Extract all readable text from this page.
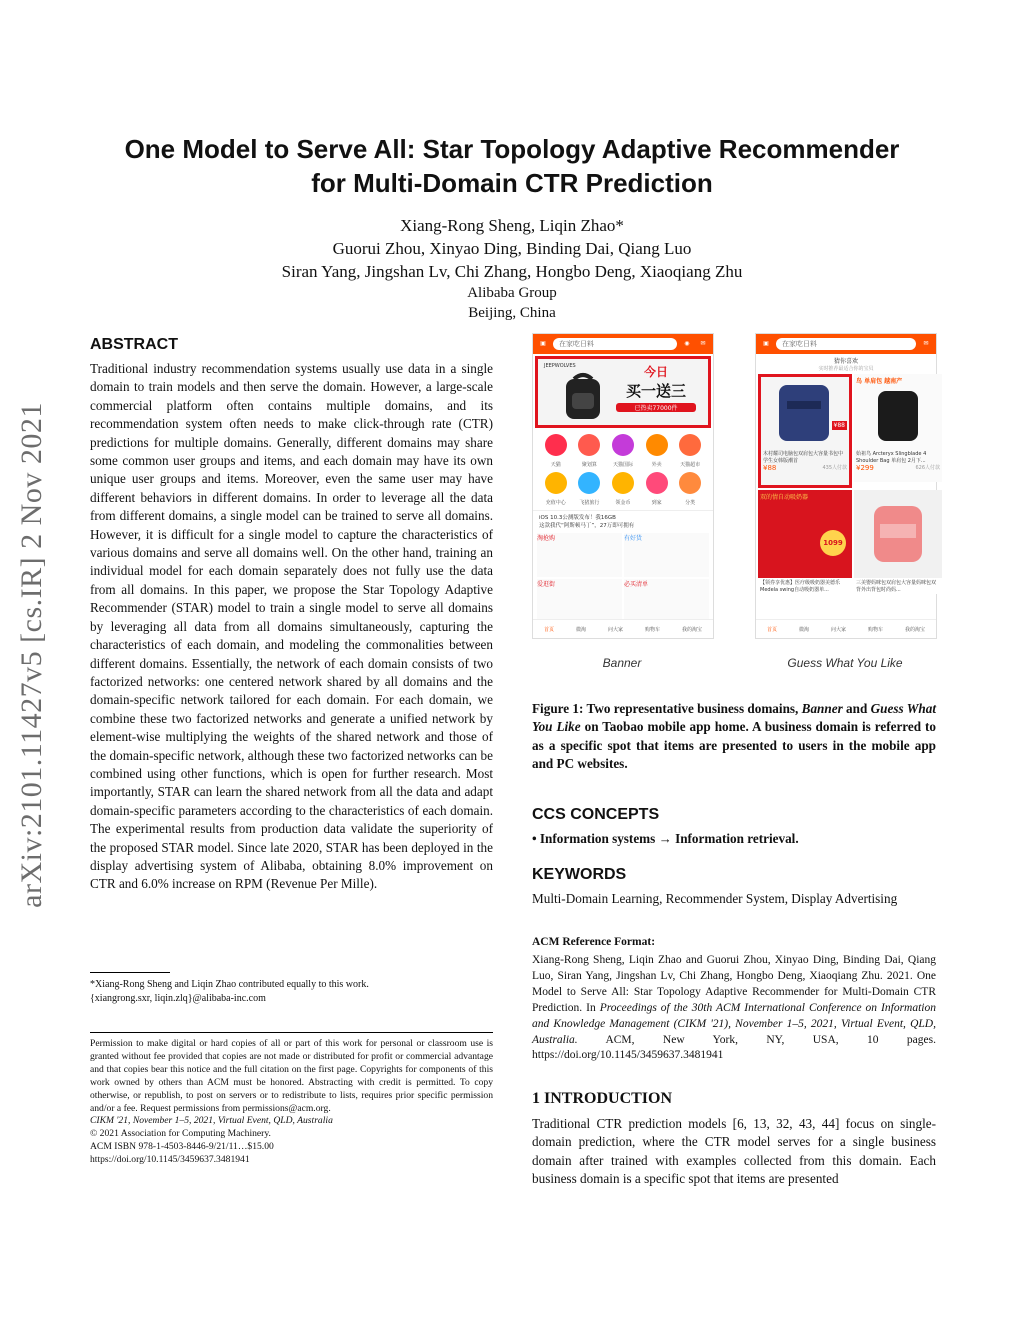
arXiv:2101.11427v5 [cs.IR] 2 Nov 2021
One Model to Serve All: Star Topology Adaptive Recommender
for Multi-Domain CTR Prediction
Xiang-Rong Sheng, Liqin Zhao*
Guorui Zhou, Xinyao Ding, Binding Dai, Qiang Luo
Siran Yang, Jingshan Lv, Chi Zhang, Hongbo Deng, Xiaoqiang Zhu
Alibaba Group
Beijing, China
ABSTRACT
Traditional industry recommendation systems usually use data in a single domain to train models and then serve the domain. However, a large-scale commercial platform often contains multiple domains, and its recommendation system often needs to make click-through rate (CTR) predictions for multiple domains. Generally, different domains may share some common user groups and items, and each domain may have its own unique user groups and items. Moreover, even the same user may have different behaviors in different domains. In order to leverage all the data from different domains, a single model can be trained to serve all domains. However, it is difficult for a single model to capture the characteristics of various domains and serve all domains well. On the other hand, training an individual model for each domain separately does not fully use the data from all domains. In this paper, we propose the Star Topology Adaptive Recommender (STAR) model to train a single model to serve all domains by leveraging all data from all domains simultaneously, capturing the characteristics of each domain, and modeling the commonalities between different domains. Essentially, the network of each domain consists of two factorized networks: one centered network shared by all domains and the domain-specific network tailored for each domain. For each domain, we combine these two factorized networks and generate a unified network by element-wise multiplying the weights of the shared network and those of the domain-specific network, although these two factorized networks can be combined using other functions, which is open for further research. Most importantly, STAR can learn the shared network from all the data and adapt domain-specific parameters according to the characteristics of each domain. The experimental results from production data validate the superiority of the proposed STAR model. Since late 2020, STAR has been deployed in the display advertising system of Alibaba, obtaining 8.0% improvement on CTR and 6.0% increase on RPM (Revenue Per Mille).
*Xiang-Rong Sheng and Liqin Zhao contributed equally to this work.
{xiangrong.sxr, liqin.zlq}@alibaba-inc.com
Permission to make digital or hard copies of all or part of this work for personal or classroom use is granted without fee provided that copies are not made or distributed for profit or commercial advantage and that copies bear this notice and the full citation on the first page. Copyrights for components of this work owned by others than ACM must be honored. Abstracting with credit is permitted. To copy otherwise, or republish, to post on servers or to redistribute to lists, requires prior specific permission and/or a fee. Request permissions from permissions@acm.org.
CIKM '21, November 1–5, 2021, Virtual Event, QLD, Australia
© 2021 Association for Computing Machinery.
ACM ISBN 978-1-4503-8446-9/21/11…$15.00
https://doi.org/10.1145/3459637.3481941
▣	在家吃日料	◉	✉
JEEPWOLVES	今日
买一送三
已热卖77000件
天猫	聚划算	天猫国际	外卖	天猫超市
充值中心	飞猪旅行	领金币	到家	分类
iOS 10.3公测版发布！我16GB
这款我代“阿斯顿马丁”，27万即可拥有
淘抢购	有好货
爱逛街	必买清单
首页	微淘	问大家	购物车	我的淘宝
▣	在家吃日料	✉
猜你喜欢
实时推荐最适合你的宝贝
¥88
木村耀司电脑包双肩包大容量书包中学生女韩版潮首
¥88	435人付款
鸟 单肩包 越南产
始祖鸟 Arcteryx Slingblade 4 Shoulder Bag 单肩包 2月下...
¥299	626人付款
双的情自动吸奶器
1099
【领券享优惠】医疗级吸奶器美德乐Medela swing自动吸奶器单...
三美婴妈咪包双肩包大容量妈咪包双背外出背包时尚妈...
首页	微淘	问大家	购物车	我的淘宝
Banner	Guess What You Like
Figure 1: Two representative business domains, Banner and Guess What You Like on Taobao mobile app home. A business domain is referred to as a specific spot that items are presented to users in the mobile app and PC websites.
CCS CONCEPTS
• Information systems → Information retrieval.
KEYWORDS
Multi-Domain Learning, Recommender System, Display Advertising
ACM Reference Format:
Xiang-Rong Sheng, Liqin Zhao and Guorui Zhou, Xinyao Ding, Binding Dai, Qiang Luo, Siran Yang, Jingshan Lv, Chi Zhang, Hongbo Deng, Xiaoqiang Zhu. 2021. One Model to Serve All: Star Topology Adaptive Recommender for Multi-Domain CTR Prediction. In Proceedings of the 30th ACM International Conference on Information and Knowledge Management (CIKM '21), November 1–5, 2021, Virtual Event, QLD, Australia. ACM, New York, NY, USA, 10 pages. https://doi.org/10.1145/3459637.3481941
1 INTRODUCTION
Traditional CTR prediction models [6, 13, 32, 43, 44] focus on single-domain prediction, where the CTR model serves for a single business domain after trained with examples collected from this domain. Each business domain is a specific spot that items are presented
